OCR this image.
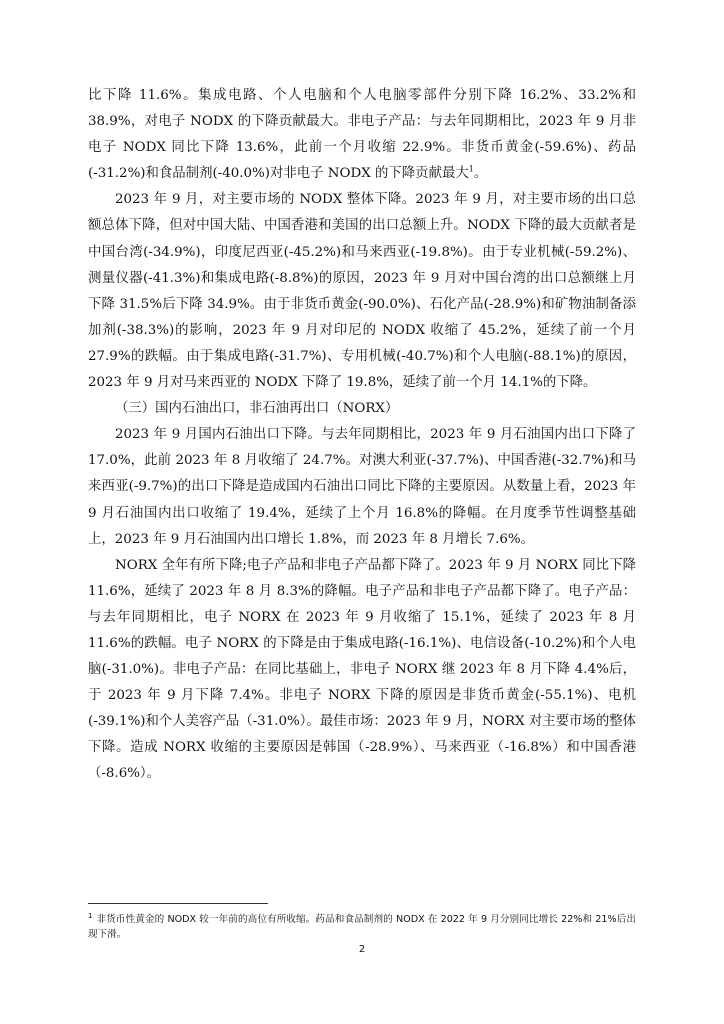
比下降 11.6%。集成电路、个人电脑和个人电脑零部件分别下降 16.2%、33.2%和 38.9%，对电子 NODX 的下降贡献最大。非电子产品：与去年同期相比，2023 年 9 月非电子 NODX 同比下降 13.6%，此前一个月收缩 22.9%。非货币黄金(-59.6%)、药品(-31.2%)和食品制剂(-40.0%)对非电子 NODX 的下降贡献最大$^1$。

2023 年 9 月，对主要市场的 NODX 整体下降。2023 年 9 月，对主要市场的出口总额总体下降，但对中国大陆、中国香港和美国的出口总额上升。NODX 下降的最大贡献者是中国台湾(-34.9%)，印度尼西亚(-45.2%)和马来西亚(-19.8%)。由于专业机械(-59.2%)、测量仪器(-41.3%)和集成电路(-8.8%)的原因，2023 年 9 月对中国台湾的出口总额继上月下降 31.5%后下降 34.9%。由于非货币黄金(-90.0%)、石化产品(-28.9%)和矿物油制备添加剂(-38.3%)的影响，2023 年 9 月对印尼的 NODX 收缩了 45.2%，延续了前一个月 27.9%的跌幅。由于集成电路(-31.7%)、专用机械(-40.7%)和个人电脑(-88.1%)的原因，2023 年 9 月对马来西亚的 NODX 下降了 19.8%，延续了前一个月 14.1%的下降。

（三）国内石油出口，非石油再出口（NORX）

2023 年 9 月国内石油出口下降。与去年同期相比，2023 年 9 月石油国内出口下降了 17.0%，此前 2023 年 8 月收缩了 24.7%。对澳大利亚(-37.7%)、中国香港(-32.7%)和马来西亚(-9.7%)的出口下降是造成国内石油出口同比下降的主要原因。从数量上看，2023 年 9 月石油国内出口收缩了 19.4%，延续了上个月 16.8%的降幅。在月度季节性调整基础上，2023 年 9 月石油国内出口增长 1.8%，而 2023 年 8 月增长 7.6%。

NORX 全年有所下降;电子产品和非电子产品都下降了。2023 年 9 月 NORX 同比下降 11.6%，延续了 2023 年 8 月 8.3%的降幅。电子产品和非电子产品都下降了。电子产品：与去年同期相比，电子 NORX 在 2023 年 9 月收缩了 15.1%，延续了 2023 年 8 月 11.6%的跌幅。电子 NORX 的下降是由于集成电路(-16.1%)、电信设备(-10.2%)和个人电脑(-31.0%)。非电子产品：在同比基础上，非电子 NORX 继 2023 年 8 月下降 4.4%后，于 2023 年 9 月下降 7.4%。非电子 NORX 下降的原因是非货币黄金(-55.1%)、电机(-39.1%)和个人美容产品（-31.0%）。最佳市场：2023 年 9 月，NORX 对主要市场的整体下降。造成 NORX 收缩的主要原因是韩国（-28.9%）、马来西亚（-16.8%）和中国香港（-8.6%）。

$^1$ 非货币性黄金的 NODX 较一年前的高位有所收缩。药品和食品制剂的 NODX 在 2022 年 9 月分别同比增长 22%和 21%后出现下滑。
2
